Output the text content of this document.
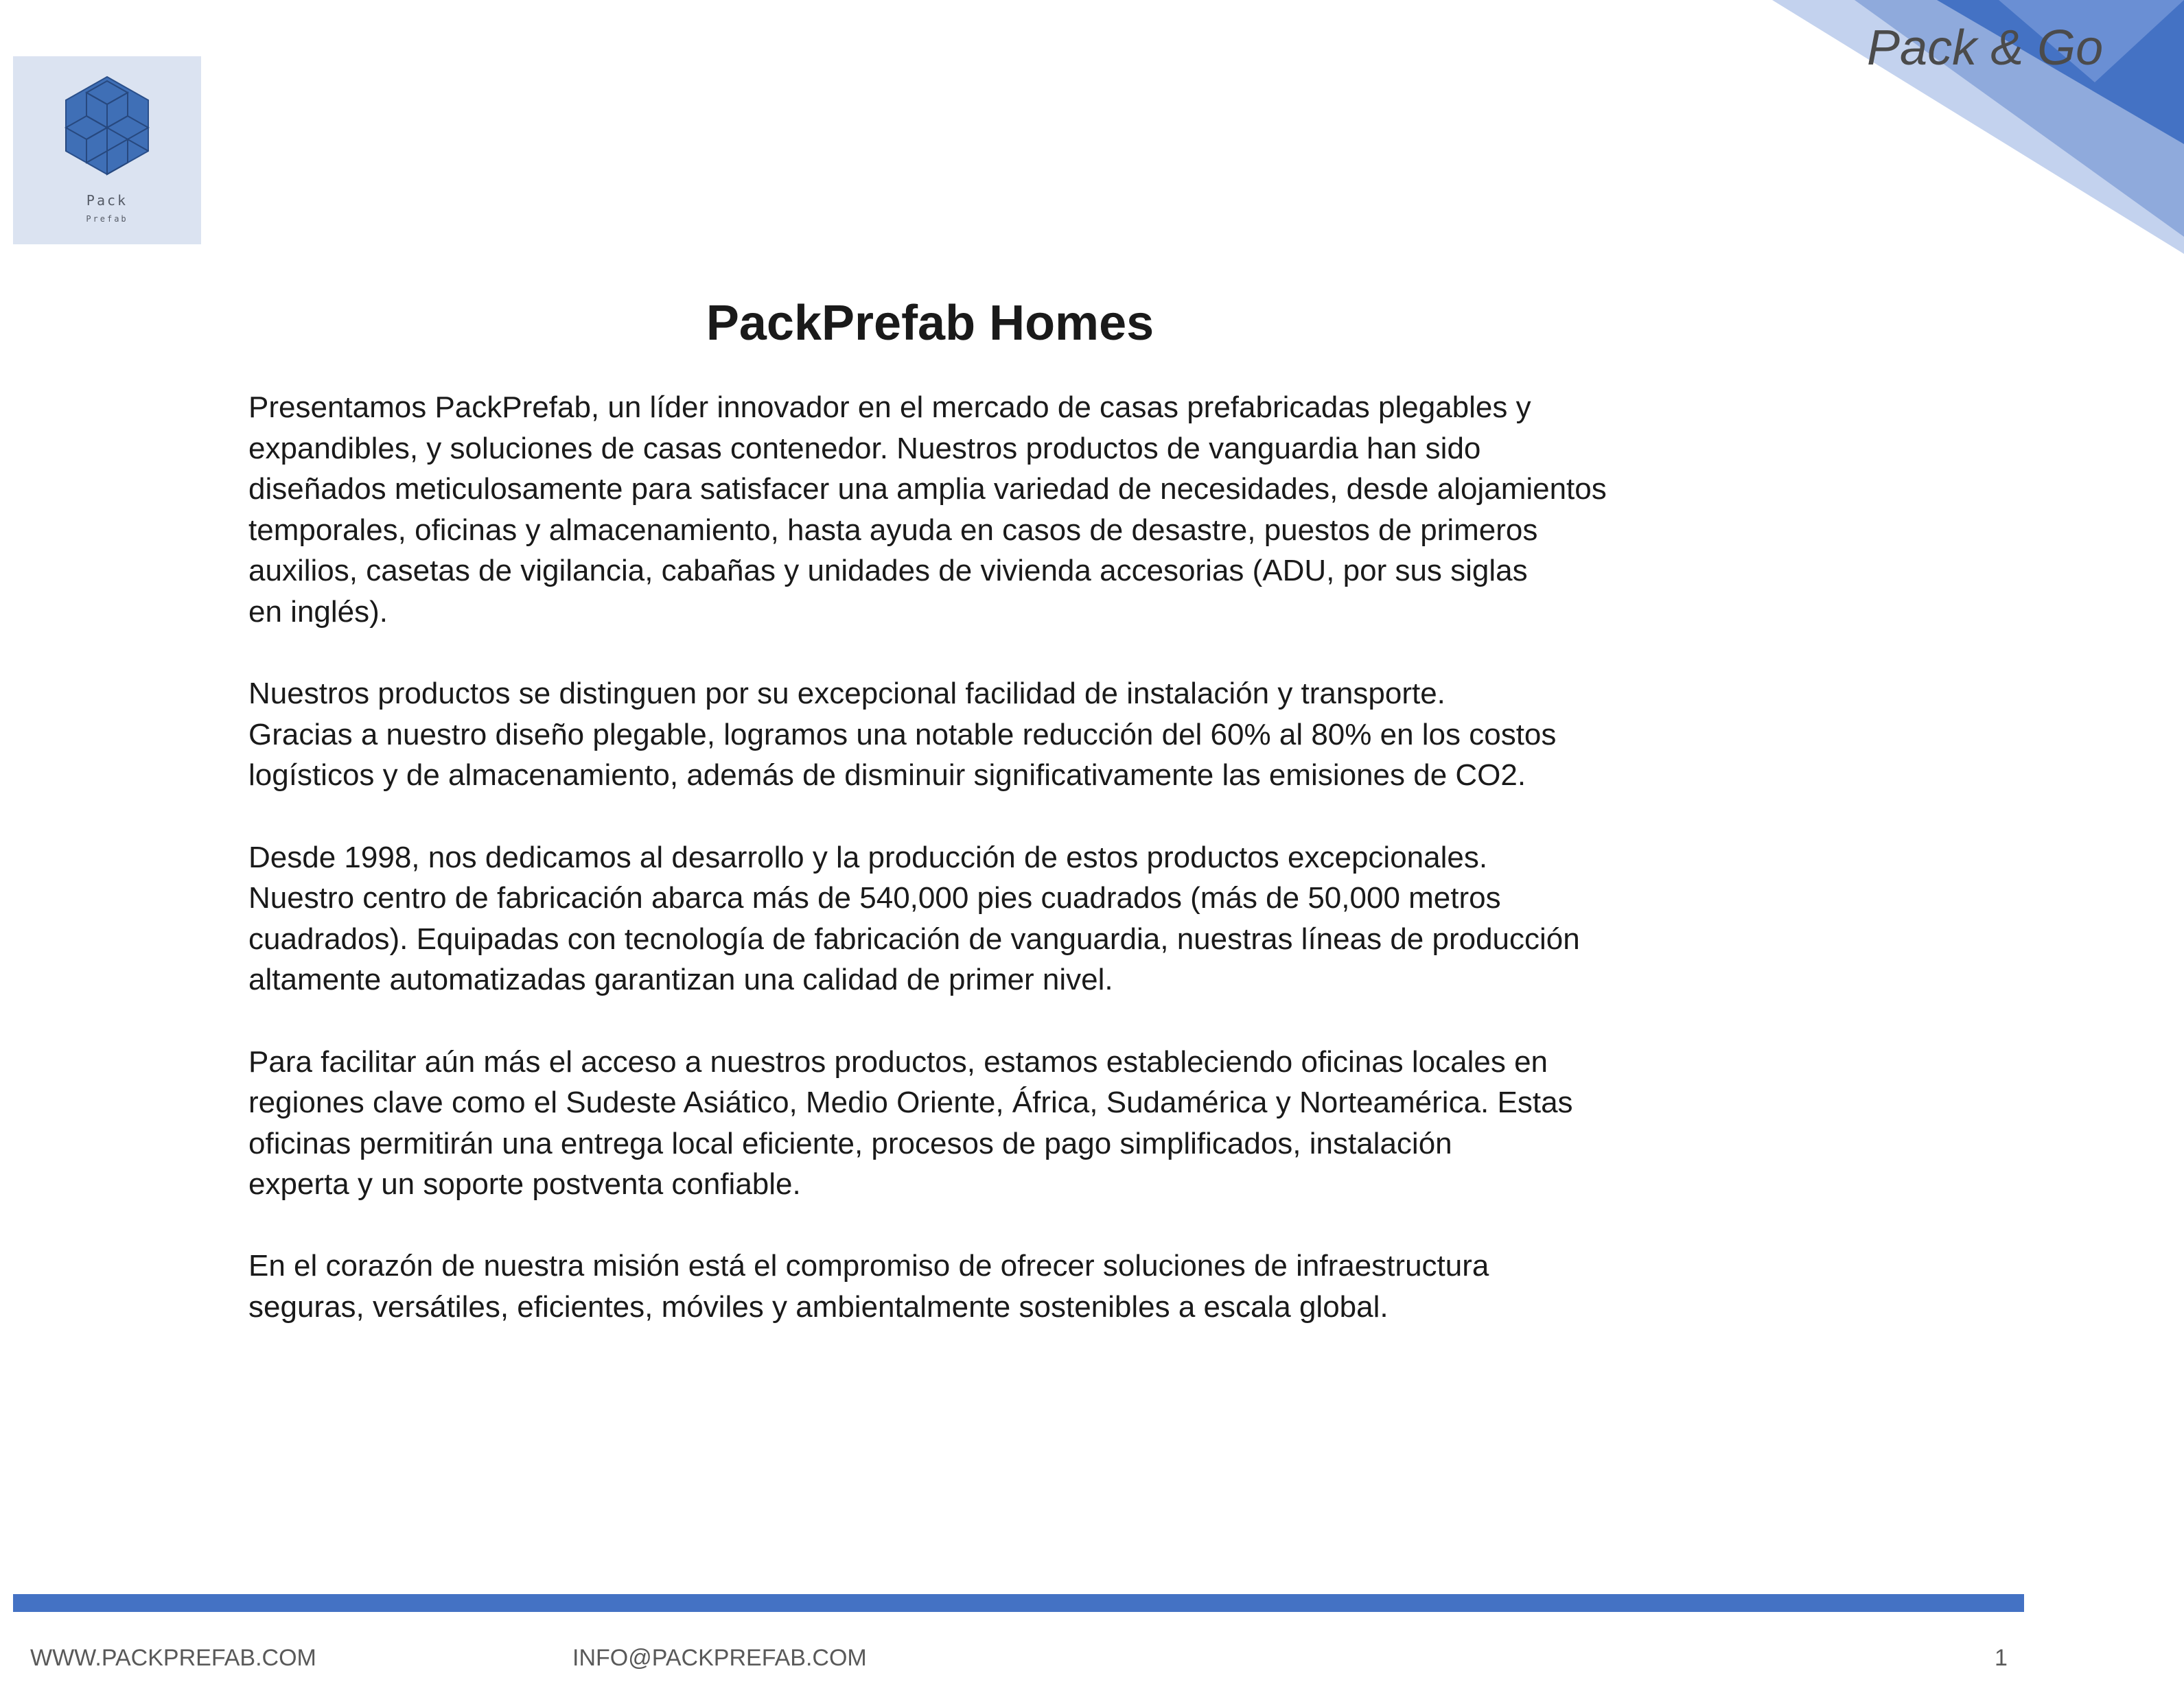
Pack
Prefab
Pack & Go
PackPrefab Homes

Presentamos PackPrefab, un líder innovador en el mercado de casas prefabricadas plegables y
expandibles, y soluciones de casas contenedor. Nuestros productos de vanguardia han sido
diseñados meticulosamente para satisfacer una amplia variedad de necesidades, desde alojamientos
temporales, oficinas y almacenamiento, hasta ayuda en casos de desastre, puestos de primeros
auxilios, casetas de vigilancia, cabañas y unidades de vivienda accesorias (ADU, por sus siglas
en inglés).

Nuestros productos se distinguen por su excepcional facilidad de instalación y transporte.
Gracias a nuestro diseño plegable, logramos una notable reducción del 60% al 80% en los costos
logísticos y de almacenamiento, además de disminuir significativamente las emisiones de CO2.

Desde 1998, nos dedicamos al desarrollo y la producción de estos productos excepcionales.
Nuestro centro de fabricación abarca más de 540,000 pies cuadrados (más de 50,000 metros
cuadrados). Equipadas con tecnología de fabricación de vanguardia, nuestras líneas de producción
altamente automatizadas garantizan una calidad de primer nivel.

Para facilitar aún más el acceso a nuestros productos, estamos estableciendo oficinas locales en
regiones clave como el Sudeste Asiático, Medio Oriente, África, Sudamérica y Norteamérica. Estas
oficinas permitirán una entrega local eficiente, procesos de pago simplificados, instalación
experta y un soporte postventa confiable.

En el corazón de nuestra misión está el compromiso de ofrecer soluciones de infraestructura
seguras, versátiles, eficientes, móviles y ambientalmente sostenibles a escala global.

WWW.PACKPREFAB.COM	INFO@PACKPREFAB.COM	1
